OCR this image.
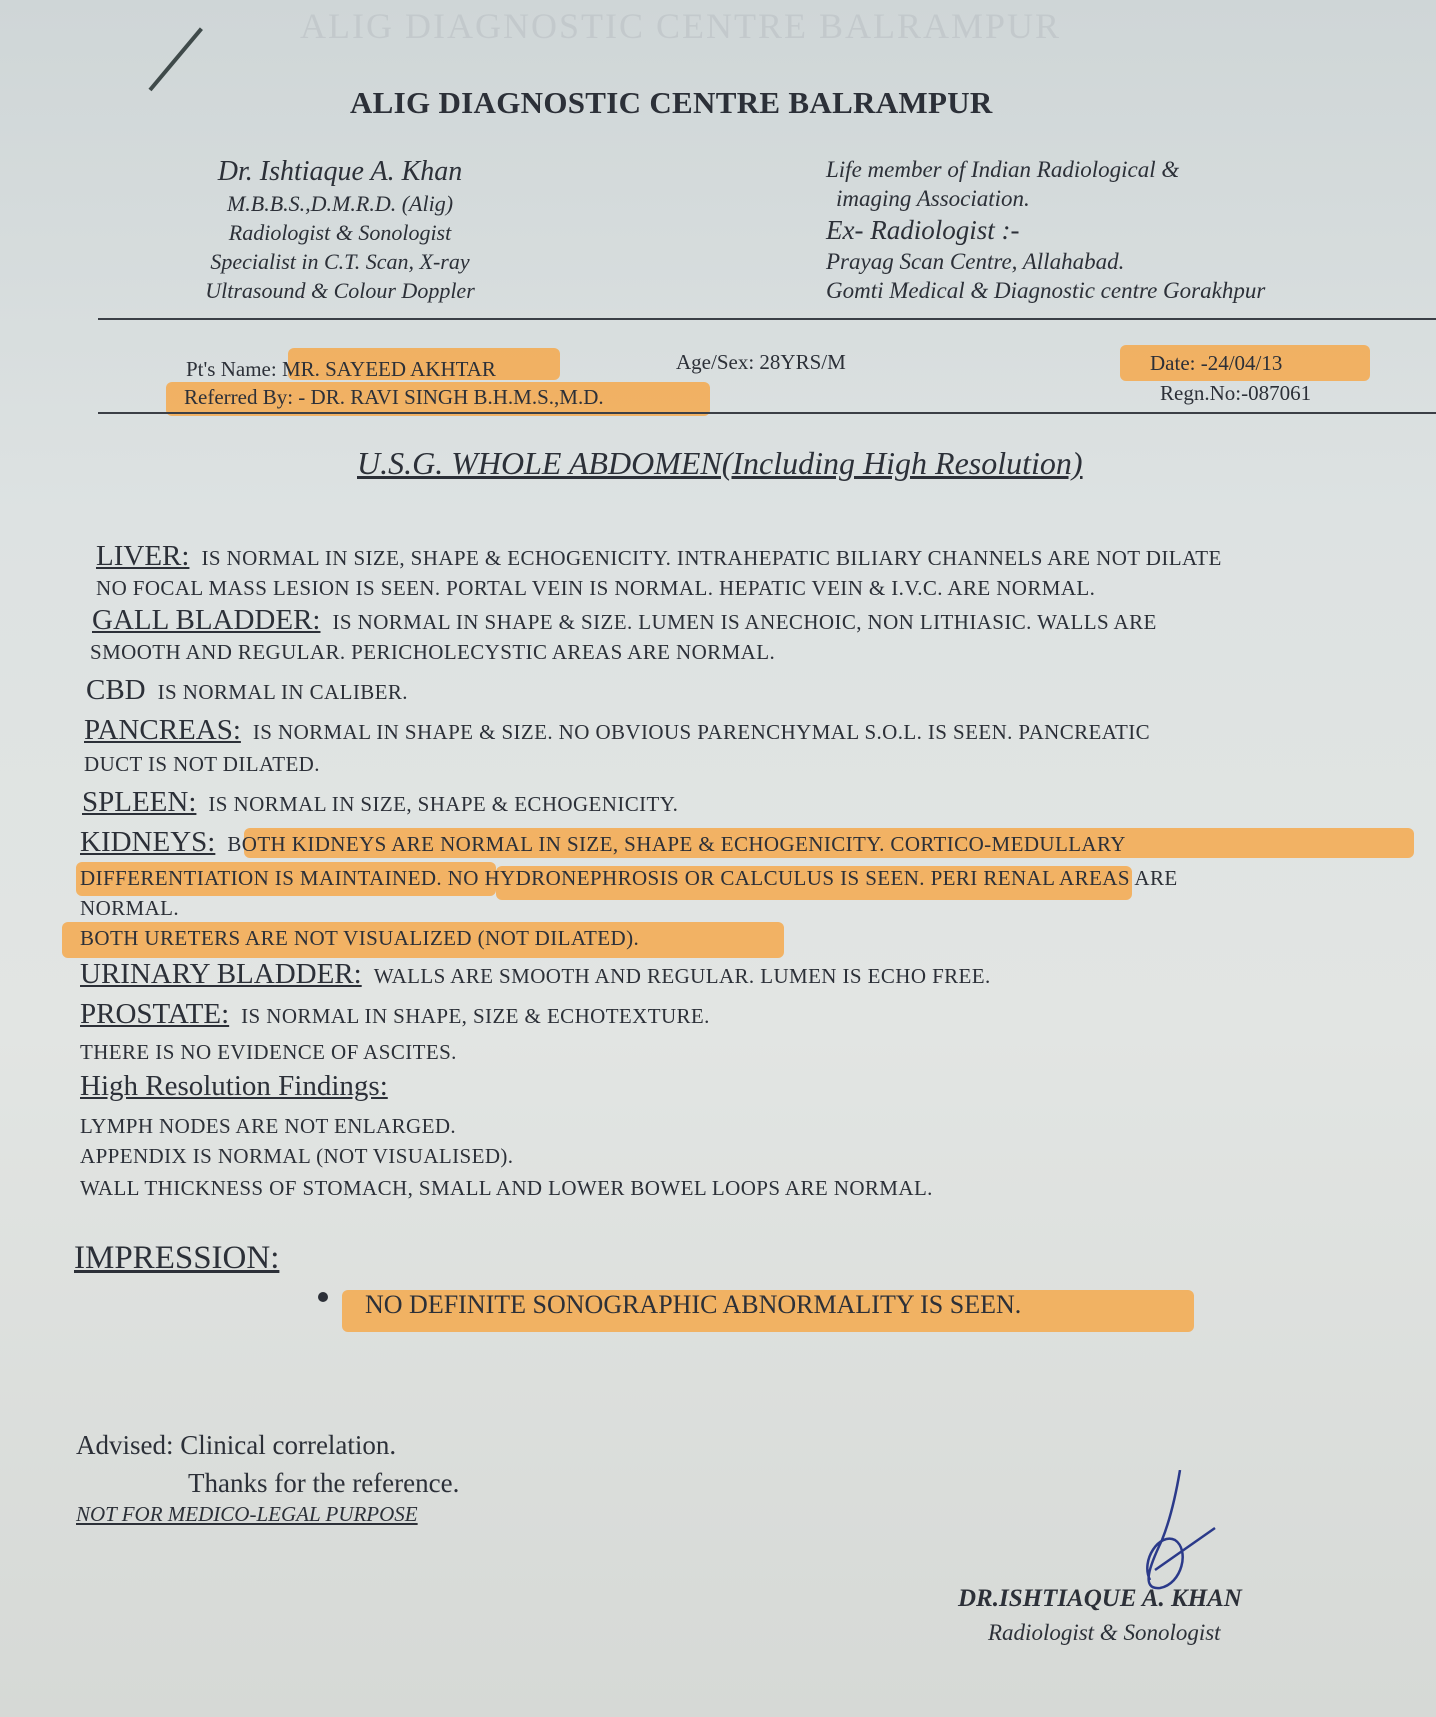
ALIG DIAGNOSTIC CENTRE BALRAMPUR
ALIG DIAGNOSTIC CENTRE BALRAMPUR
Dr. Ishtiaque A. Khan
M.B.B.S.,D.M.R.D. (Alig)
Radiologist & Sonologist
Specialist in C.T. Scan, X-ray
Ultrasound & Colour Doppler
Life member of Indian Radiological &
imaging Association.
Ex- Radiologist :-
Prayag Scan Centre, Allahabad.
Gomti Medical & Diagnostic centre Gorakhpur
Pt's Name: MR. SAYEED AKHTAR	Age/Sex: 28YRS/M	Date: -24/04/13
Referred By: - DR. RAVI SINGH B.H.M.S.,M.D.	Regn.No:-087061
U.S.G. WHOLE ABDOMEN(Including High Resolution)
LIVER: IS NORMAL IN SIZE, SHAPE & ECHOGENICITY. INTRAHEPATIC BILIARY CHANNELS ARE NOT DILATE
NO FOCAL MASS LESION IS SEEN. PORTAL VEIN IS NORMAL. HEPATIC VEIN & I.V.C. ARE NORMAL.
GALL BLADDER: IS NORMAL IN SHAPE & SIZE. LUMEN IS ANECHOIC, NON LITHIASIC. WALLS ARE
SMOOTH AND REGULAR. PERICHOLECYSTIC AREAS ARE NORMAL.
CBD IS NORMAL IN CALIBER.
PANCREAS: IS NORMAL IN SHAPE & SIZE. NO OBVIOUS PARENCHYMAL S.O.L. IS SEEN. PANCREATIC
DUCT IS NOT DILATED.
SPLEEN: IS NORMAL IN SIZE, SHAPE & ECHOGENICITY.
KIDNEYS: BOTH KIDNEYS ARE NORMAL IN SIZE, SHAPE & ECHOGENICITY. CORTICO-MEDULLARY
DIFFERENTIATION IS MAINTAINED. NO HYDRONEPHROSIS OR CALCULUS IS SEEN. PERI RENAL AREAS ARE
NORMAL.
BOTH URETERS ARE NOT VISUALIZED (NOT DILATED).
URINARY BLADDER: WALLS ARE SMOOTH AND REGULAR. LUMEN IS ECHO FREE.
PROSTATE: IS NORMAL IN SHAPE, SIZE & ECHOTEXTURE.
THERE IS NO EVIDENCE OF ASCITES.
High Resolution Findings:
LYMPH NODES ARE NOT ENLARGED.
APPENDIX IS NORMAL (NOT VISUALISED).
WALL THICKNESS OF STOMACH, SMALL AND LOWER BOWEL LOOPS ARE NORMAL.
IMPRESSION:
NO DEFINITE SONOGRAPHIC ABNORMALITY IS SEEN.
Advised: Clinical correlation.
Thanks for the reference.
NOT FOR MEDICO-LEGAL PURPOSE
DR.ISHTIAQUE A. KHAN
Radiologist & Sonologist
